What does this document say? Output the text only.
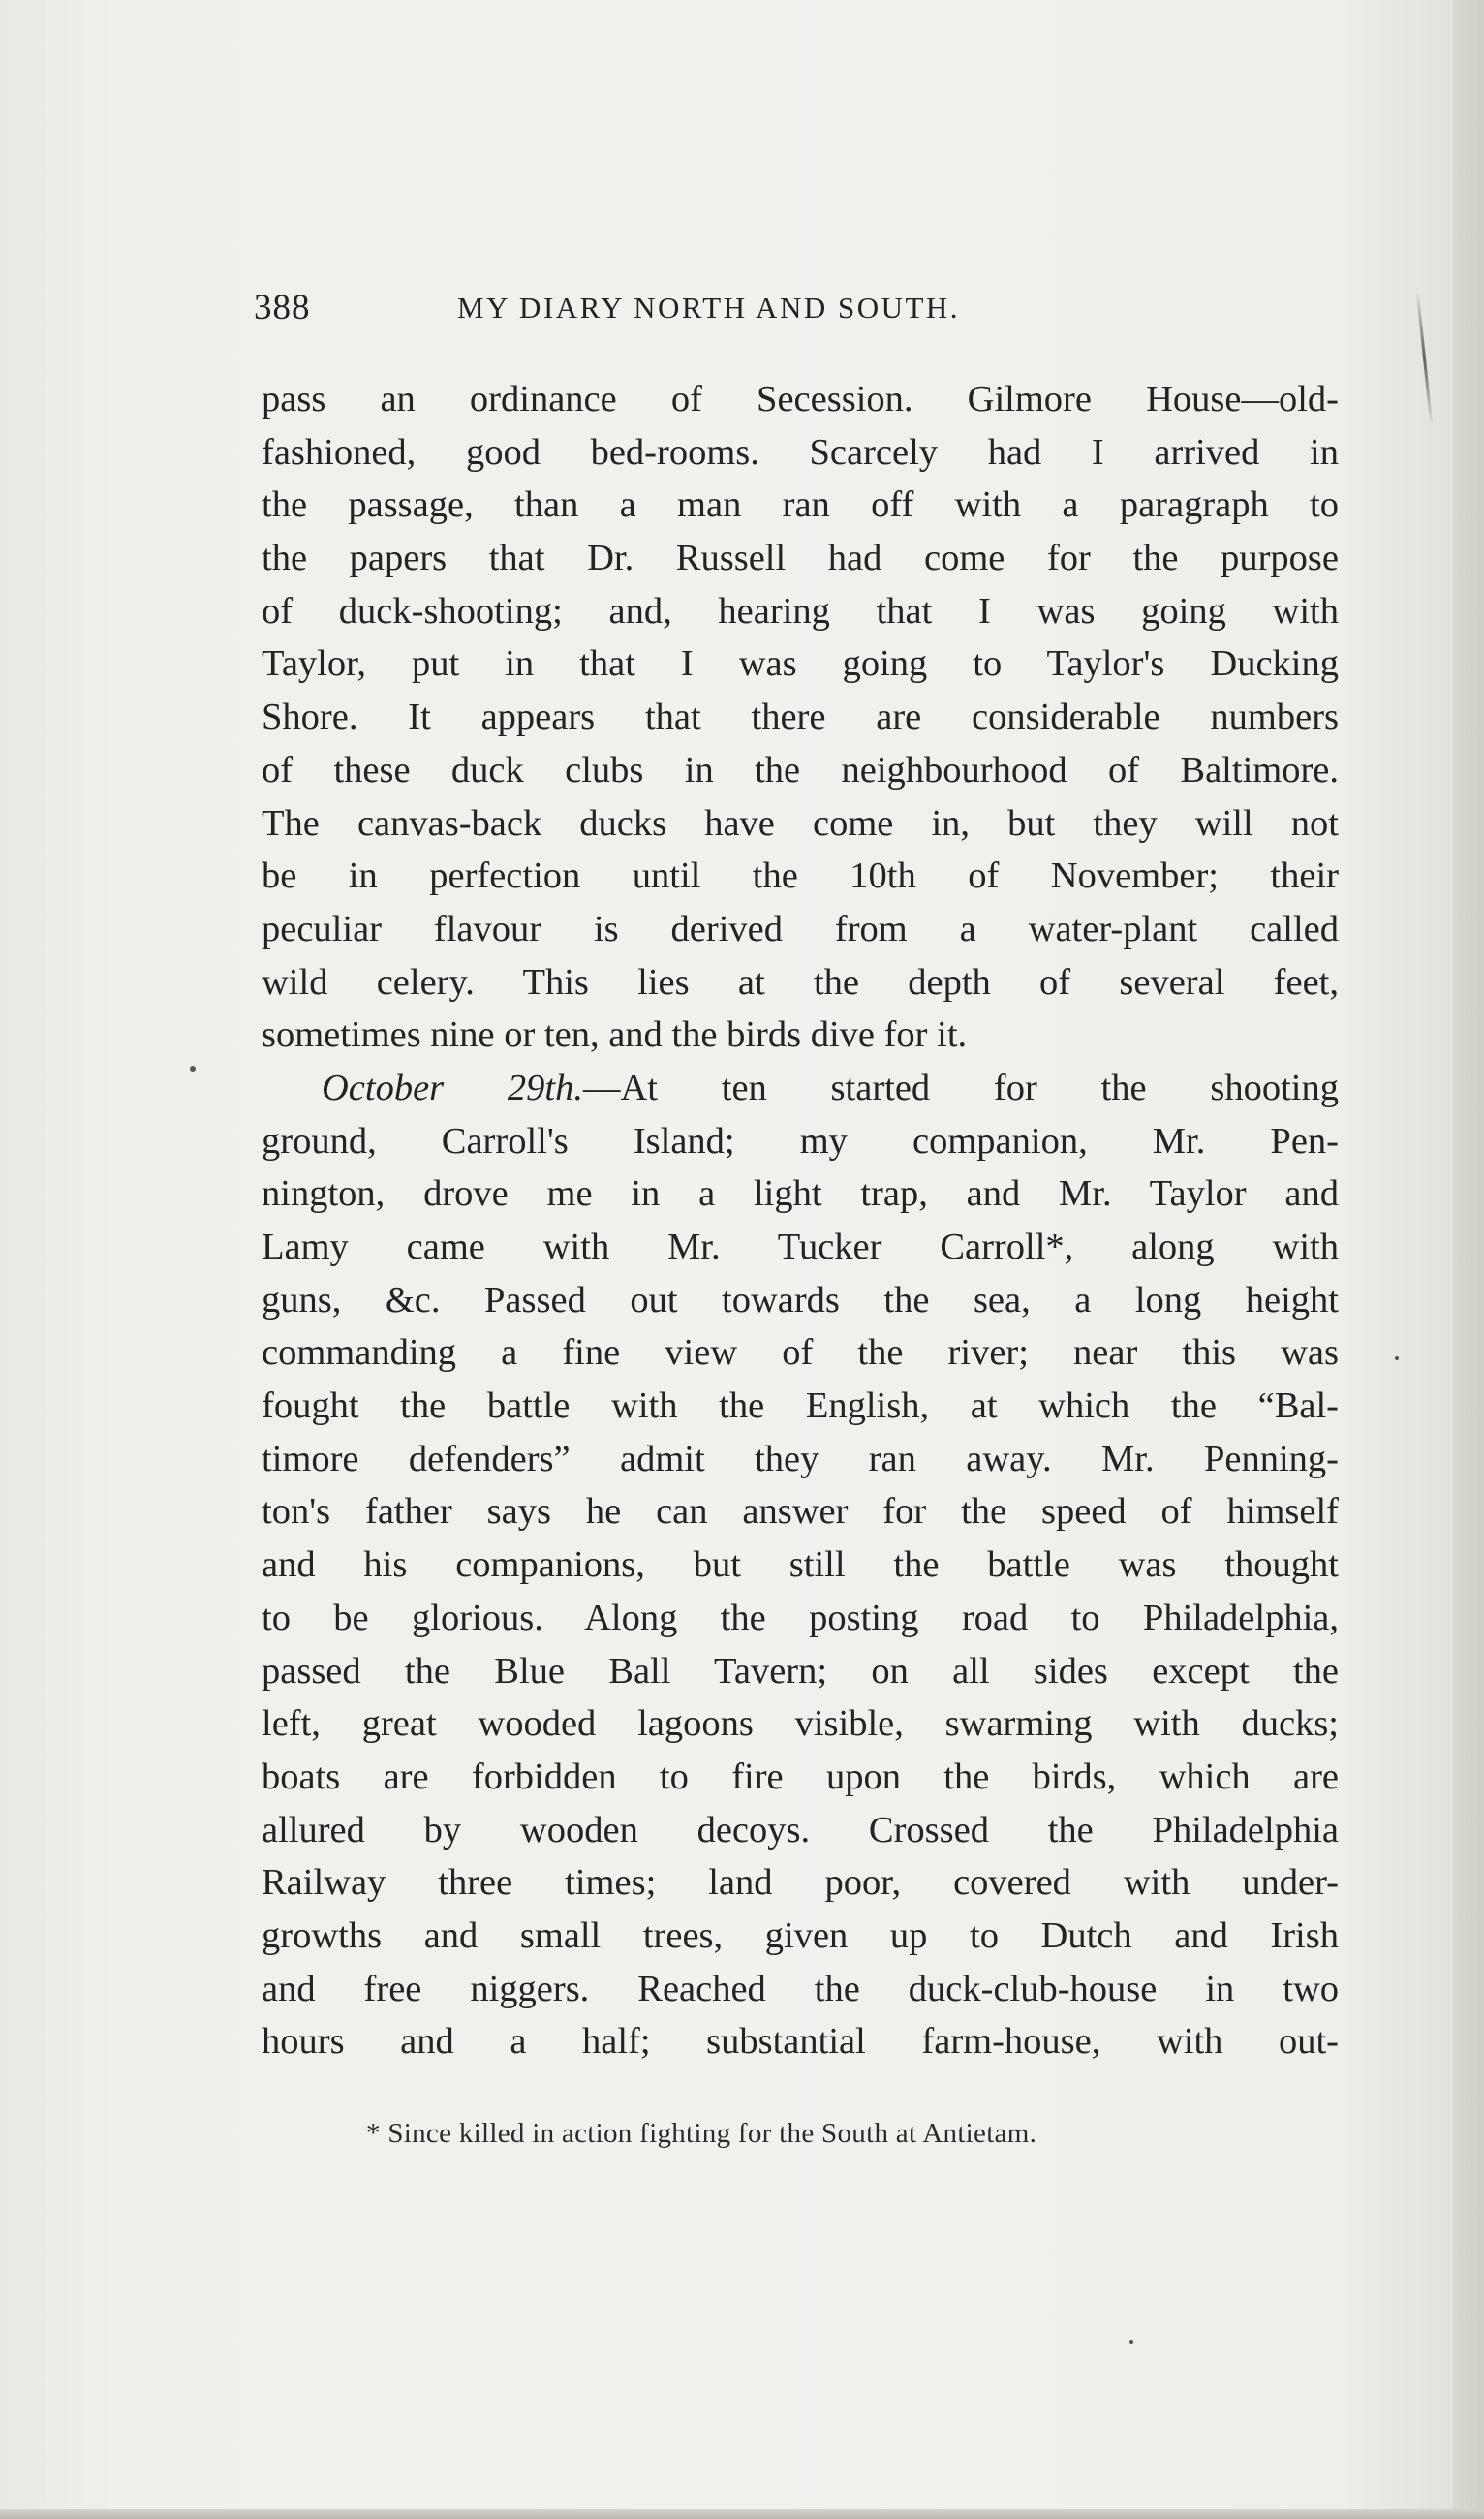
388	MY DIARY NORTH AND SOUTH.
pass an ordinance of Secession. Gilmore House—old-
fashioned, good bed-rooms. Scarcely had I arrived in
the passage, than a man ran off with a paragraph to
the papers that Dr. Russell had come for the purpose
of duck-shooting; and, hearing that I was going with
Taylor, put in that I was going to Taylor's Ducking
Shore. It appears that there are considerable numbers
of these duck clubs in the neighbourhood of Baltimore.
The canvas-back ducks have come in, but they will not
be in perfection until the 10th of November; their
peculiar flavour is derived from a water-plant called
wild celery. This lies at the depth of several feet,
sometimes nine or ten, and the birds dive for it.
October 29th.—At ten started for the shooting
ground, Carroll's Island; my companion, Mr. Pen-
nington, drove me in a light trap, and Mr. Taylor and
Lamy came with Mr. Tucker Carroll*, along with
guns, &c. Passed out towards the sea, a long height
commanding a fine view of the river; near this was
fought the battle with the English, at which the “Bal-
timore defenders” admit they ran away. Mr. Penning-
ton's father says he can answer for the speed of himself
and his companions, but still the battle was thought
to be glorious. Along the posting road to Philadelphia,
passed the Blue Ball Tavern; on all sides except the
left, great wooded lagoons visible, swarming with ducks;
boats are forbidden to fire upon the birds, which are
allured by wooden decoys. Crossed the Philadelphia
Railway three times; land poor, covered with under-
growths and small trees, given up to Dutch and Irish
and free niggers. Reached the duck-club-house in two
hours and a half; substantial farm-house, with out-
* Since killed in action fighting for the South at Antietam.
